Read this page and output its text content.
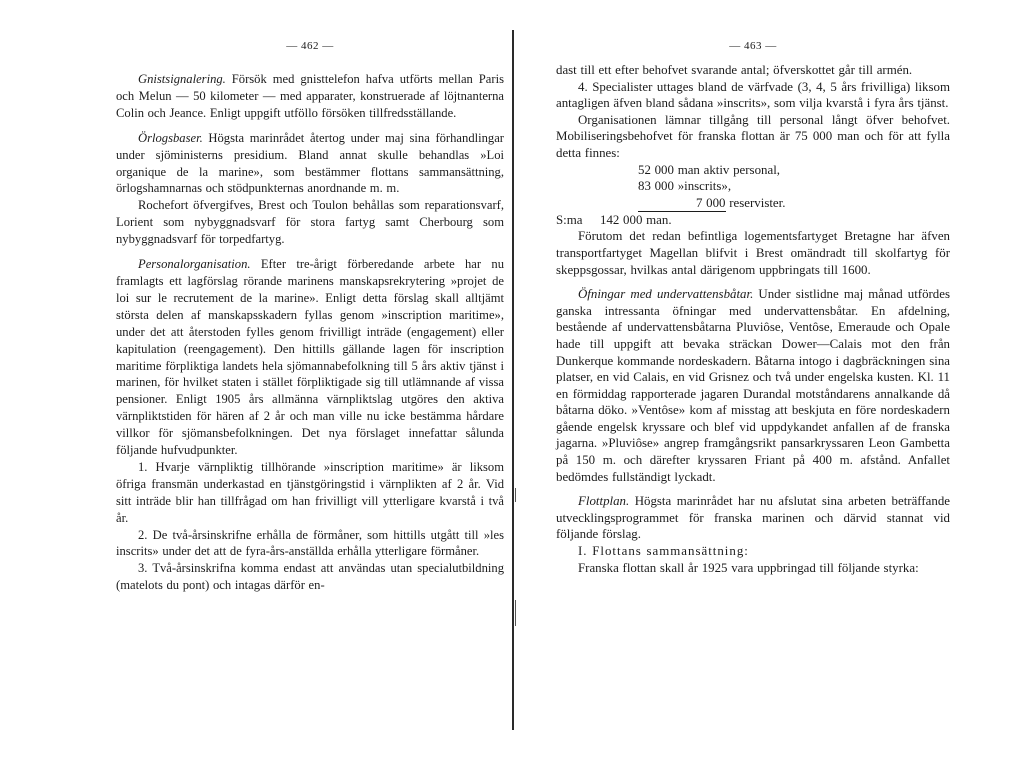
— 462 —

Gnistsignalering. Försök med gnisttelefon hafva utförts mellan Paris och Melun — 50 kilometer — med apparater, konstruerade af löjtnanterna Colin och Jeance. Enligt uppgift utföllo försöken tillfredsställande.

Örlogsbaser. Högsta marinrådet återtog under maj sina förhandlingar under sjöministerns presidium. Bland annat skulle behandlas »Loi organique de la marine», som bestämmer flottans sammansättning, örlogshamnarnas och stödpunkternas anordnande m. m.

Rochefort öfvergifves, Brest och Toulon behållas som reparationsvarf, Lorient som nybyggnadsvarf för stora fartyg samt Cherbourg som nybyggnadsvarf för torpedfartyg.

Personalorganisation. Efter tre-årigt förberedande arbete har nu framlagts ett lagförslag rörande marinens manskapsrekrytering »projet de loi sur le recrutement de la marine». Enligt detta förslag skall alltjämt största delen af manskapsskadern fyllas genom »inscription maritime», under det att återstoden fylles genom frivilligt inträde (engagement) eller kapitulation (reengagement). Den hittills gällande lagen för inscription maritime förpliktiga landets hela sjömannabefolkning till 5 års aktiv tjänst i marinen, för hvilket staten i stället förpliktigade sig till utlämnande af vissa pensioner. Enligt 1905 års allmänna värnpliktslag utgöres den aktiva värnpliktstiden för hären af 2 år och man ville nu icke bestämma hårdare villkor för sjömansbefolkningen. Det nya förslaget innefattar sålunda följande hufvudpunkter.

1. Hvarje värnpliktig tillhörande »inscription maritime» är liksom öfriga fransmän underkastad en tjänstgöringstid i värnplikten af 2 år. Vid sitt inträde blir han tillfrågad om han frivilligt vill ytterligare kvarstå i två år.

2. De två-årsinskrifne erhålla de förmåner, som hittills utgått till »les inscrits» under det att de fyra-års-anställda erhålla ytterligare förmåner.

3. Två-årsinskrifna komma endast att användas utan specialutbildning (matelots du pont) och intagas därför en-

— 463 —

dast till ett efter behofvet svarande antal; öfverskottet går till armén.

4. Specialister uttages bland de värfvade (3, 4, 5 års frivilliga) liksom antagligen äfven bland sådana »inscrits», som vilja kvarstå i fyra års tjänst.

Organisationen lämnar tillgång till personal långt öfver behofvet. Mobiliseringsbehofvet för franska flottan är 75 000 man och för att fylla detta finnes:

52 000 man aktiv personal,
83 000 »inscrits»,
7 000 reservister.

S:ma 142 000 man.

Förutom det redan befintliga logementsfartyget Bretagne har äfven transportfartyget Magellan blifvit i Brest omändradt till skolfartyg för skeppsgossar, hvilkas antal därigenom uppbringats till 1600.

Öfningar med undervattensbåtar. Under sistlidne maj månad utfördes ganska intressanta öfningar med undervattensbåtar. En afdelning, bestående af undervattensbåtarna Pluviôse, Ventôse, Emeraude och Opale hade till uppgift att bevaka sträckan Dower—Calais mot den från Dunkerque kommande nordeskadern. Båtarna intogo i dagbräckningen sina platser, en vid Calais, en vid Grisnez och två under engelska kusten. Kl. 11 en förmiddag rapporterade jagaren Durandal motståndarens annalkande då båtarna döko. »Ventôse» kom af misstag att beskjuta en före nordeskadern gående engelsk kryssare och blef vid uppdykandet anfallen af de franska jagarna. »Pluviôse» angrep framgångsrikt pansarkryssaren Leon Gambetta på 150 m. och därefter kryssaren Friant på 400 m. afstånd. Anfallet bedömdes fullständigt lyckadt.

Flottplan. Högsta marinrådet har nu afslutat sina arbeten beträffande utvecklingsprogrammet för franska marinen och därvid stannat vid följande förslag.

I. Flottans sammansättning:

Franska flottan skall år 1925 vara uppbringad till följande styrka:
